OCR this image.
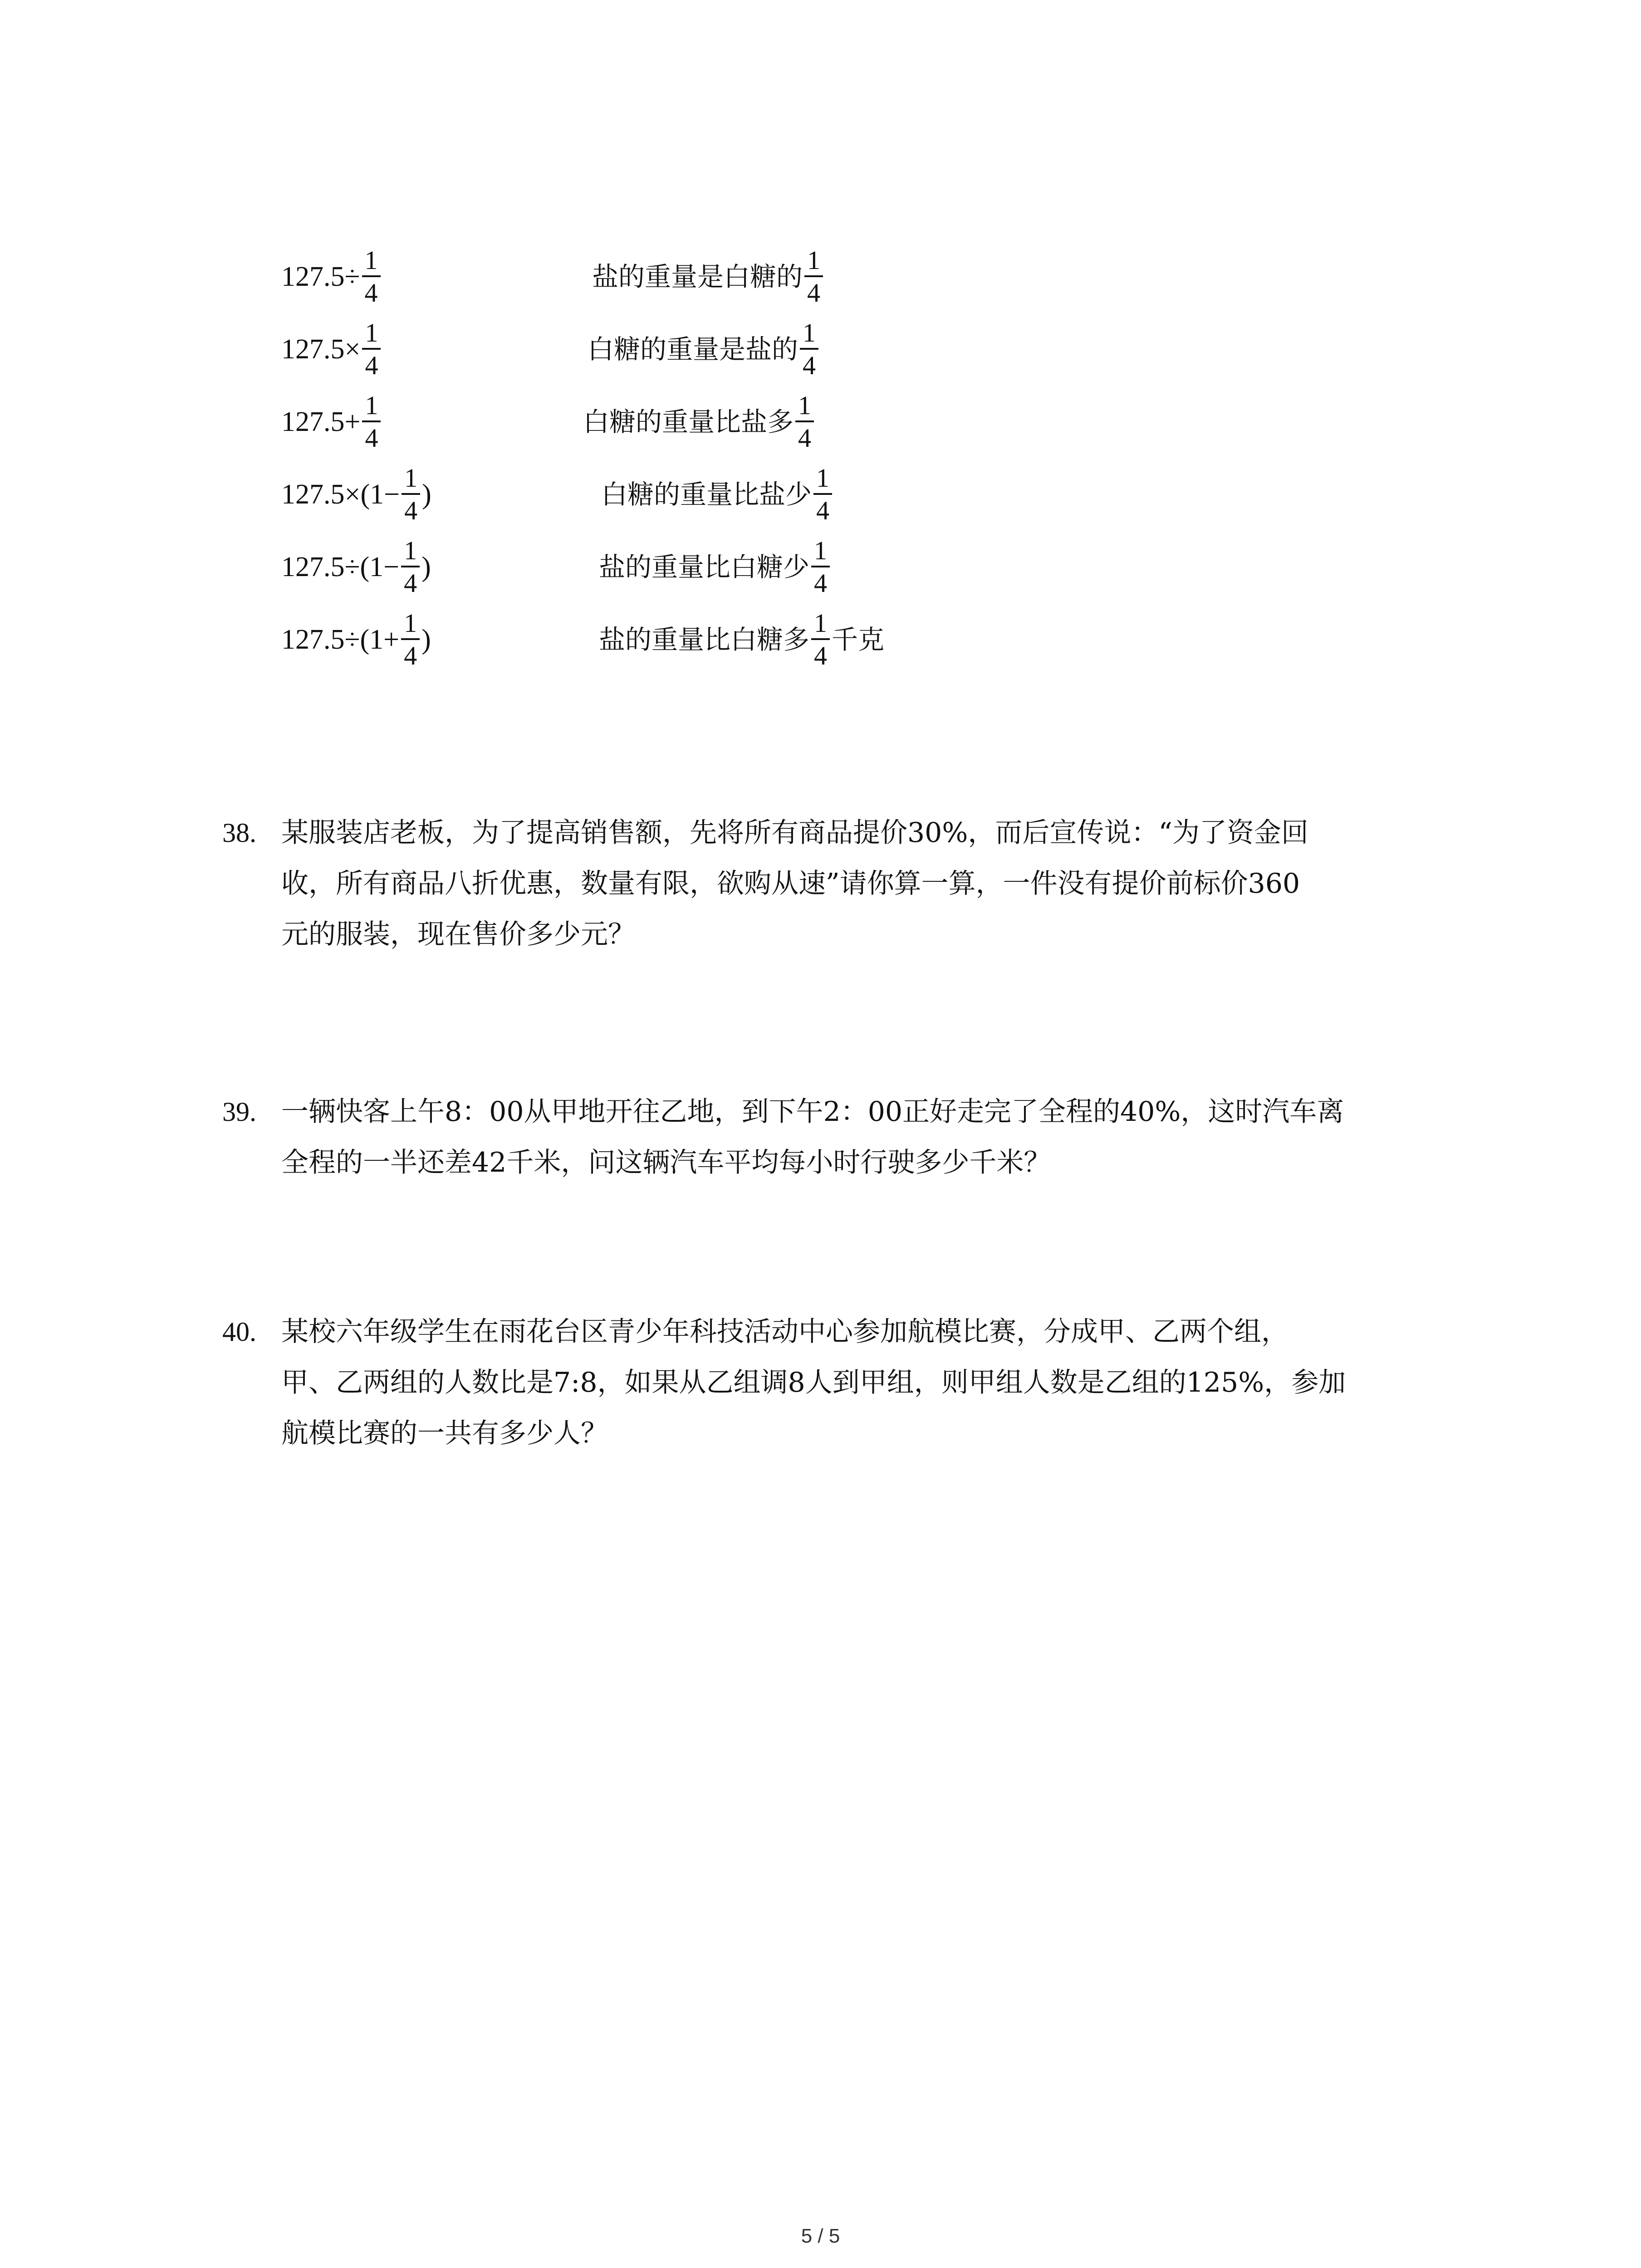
$127.5\div \frac{1}{4}$	盐的重量是白糖的 $\frac{1}{4}$
$127.5\times \frac{1}{4}$	白糖的重量是盐的 $\frac{1}{4}$
$127.5+ \frac{1}{4}$	白糖的重量比盐多 $\frac{1}{4}$
$127.5\times(1- \frac{1}{4}$ )	白糖的重量比盐少 $\frac{1}{4}$
$127.5\div(1- \frac{1}{4}$ )	盐的重量比白糖少 $\frac{1}{4}$
$127.5\div(1+ \frac{1}{4}$ )	盐的重量比白糖多 $\frac{1}{4}$ 千克
38. 某服装店老板，为了提高销售额，先将所有商品提价30%，而后宣传说：“为了资金回
收，所有商品八折优惠，数量有限，欲购从速”请你算一算，一件没有提价前标价360
元的服装，现在售价多少元？
39. 一辆快客上午8：00从甲地开往乙地，到下午2：00正好走完了全程的40%，这时汽车离
全程的一半还差42千米，问这辆汽车平均每小时行驶多少千米？
40. 某校六年级学生在雨花台区青少年科技活动中心参加航模比赛，分成甲、乙两个组，
甲、乙两组的人数比是7:8，如果从乙组调8人到甲组，则甲组人数是乙组的125%，参加
航模比赛的一共有多少人？
5 / 5
